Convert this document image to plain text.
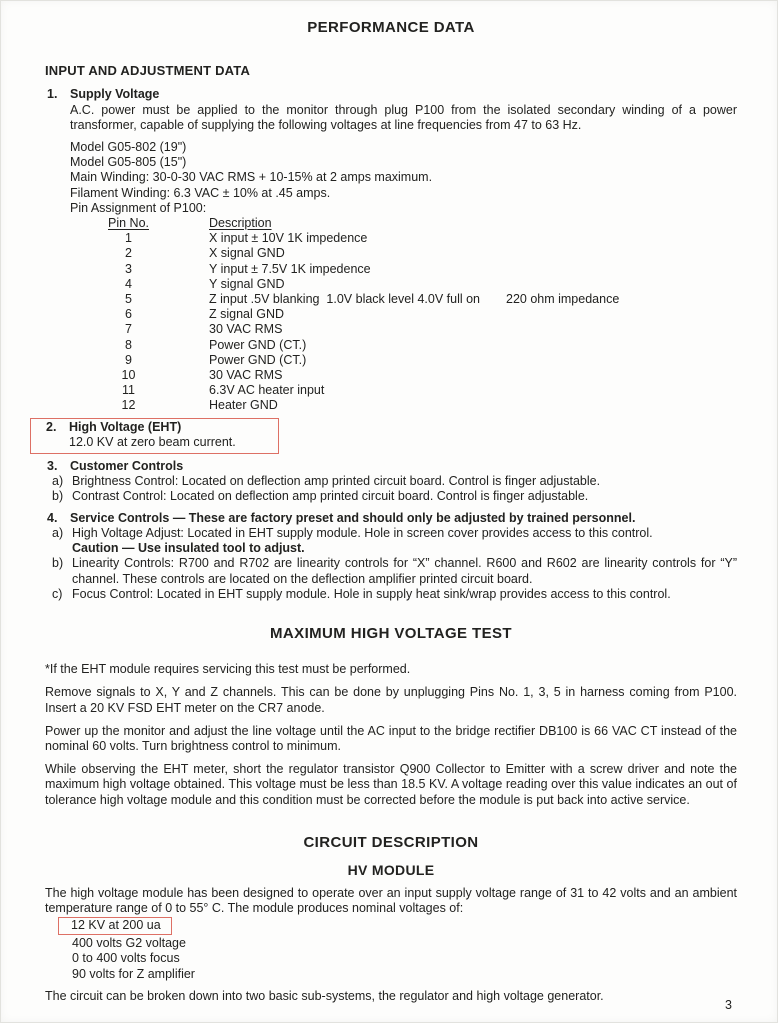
PERFORMANCE DATA
INPUT AND ADJUSTMENT DATA
1.	Supply Voltage
A.C. power must be applied to the monitor through plug P100 from the isolated secondary winding of a power transformer, capable of supplying the following voltages at line frequencies from 47 to 63 Hz.
Model G05-802 (19")
Model G05-805 (15")
Main Winding: 30-0-30 VAC RMS + 10-15% at 2 amps maximum.
Filament Winding: 6.3 VAC ± 10% at .45 amps.
Pin Assignment of P100:
Pin No.	Description
1	X input ± 10V 1K impedence
2	X signal GND
3	Y input ± 7.5V 1K impedence
4	Y signal GND
5	Z input .5V blanking  1.0V black level 4.0V full on 220 ohm impedance
6	Z signal GND
7	30 VAC RMS
8	Power GND (CT.)
9	Power GND (CT.)
10	30 VAC RMS
11	6.3V AC heater input
12	Heater GND
2.	High Voltage (EHT)
12.0 KV at zero beam current.
3.	Customer Controls
a) Brightness Control: Located on deflection amp printed circuit board. Control is finger adjustable.
b) Contrast Control: Located on deflection amp printed circuit board. Control is finger adjustable.
4.	Service Controls — These are factory preset and should only be adjusted by trained personnel.
a) High Voltage Adjust: Located in EHT supply module. Hole in screen cover provides access to this control.
Caution — Use insulated tool to adjust.
b) Linearity Controls: R700 and R702 are linearity controls for “X” channel. R600 and R602 are linearity controls for “Y” channel. These controls are located on the deflection amplifier printed circuit board.
c) Focus Control: Located in EHT supply module. Hole in supply heat sink/wrap provides access to this control.
MAXIMUM HIGH VOLTAGE TEST
*If the EHT module requires servicing this test must be performed.
Remove signals to X, Y and Z channels. This can be done by unplugging Pins No. 1, 3, 5 in harness coming from P100. Insert a 20 KV FSD EHT meter on the CR7 anode.
Power up the monitor and adjust the line voltage until the AC input to the bridge rectifier DB100 is 66 VAC CT instead of the nominal 60 volts. Turn brightness control to minimum.
While observing the EHT meter, short the regulator transistor Q900 Collector to Emitter with a screw driver and note the maximum high voltage obtained. This voltage must be less than 18.5 KV. A voltage reading over this value indicates an out of tolerance high voltage module and this condition must be corrected before the module is put back into active service.
CIRCUIT DESCRIPTION
HV MODULE
The high voltage module has been designed to operate over an input supply voltage range of 31 to 42 volts and an ambient temperature range of 0 to 55° C. The module produces nominal voltages of:
12 KV at 200 ua
400 volts G2 voltage
0 to 400 volts focus
90 volts for Z amplifier
The circuit can be broken down into two basic sub-systems, the regulator and high voltage generator.
3
